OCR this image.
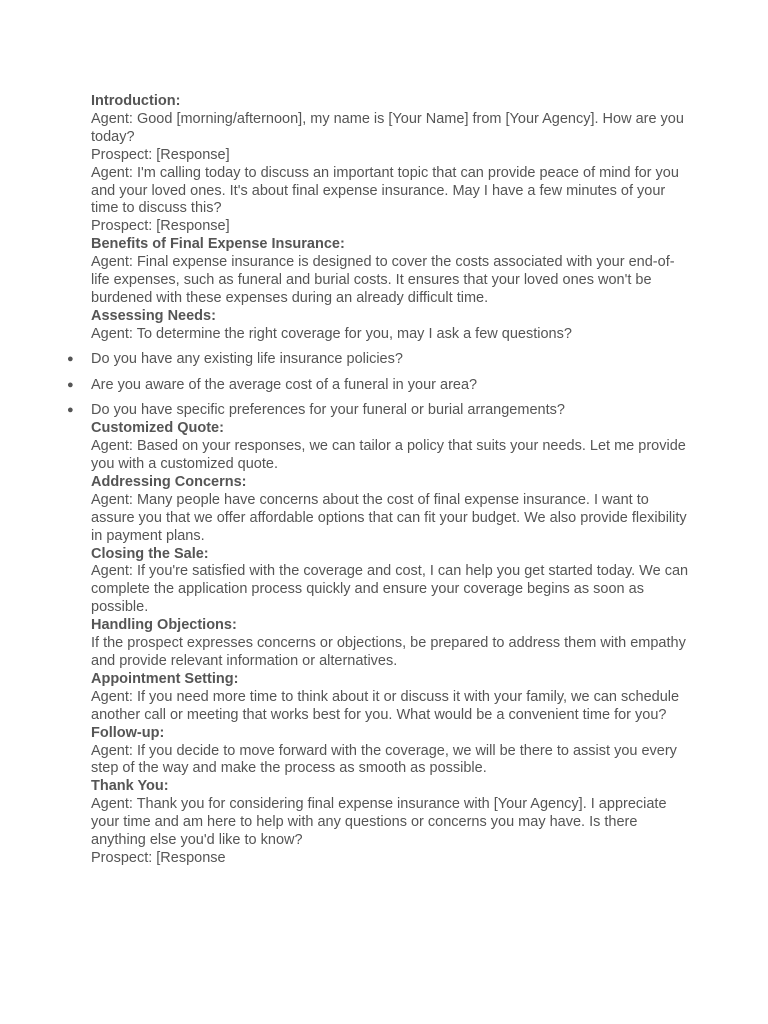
Introduction:

Agent: Good [morning/afternoon], my name is [Your Name] from [Your Agency]. How are you today?

Prospect: [Response]

Agent: I'm calling today to discuss an important topic that can provide peace of mind for you and your loved ones. It's about final expense insurance. May I have a few minutes of your time to discuss this?

Prospect: [Response]

Benefits of Final Expense Insurance:

Agent: Final expense insurance is designed to cover the costs associated with your end-of-life expenses, such as funeral and burial costs. It ensures that your loved ones won't be burdened with these expenses during an already difficult time.

Assessing Needs:

Agent: To determine the right coverage for you, may I ask a few questions?

● Do you have any existing life insurance policies?
● Are you aware of the average cost of a funeral in your area?
● Do you have specific preferences for your funeral or burial arrangements?

Customized Quote:

Agent: Based on your responses, we can tailor a policy that suits your needs. Let me provide you with a customized quote.

Addressing Concerns:

Agent: Many people have concerns about the cost of final expense insurance. I want to assure you that we offer affordable options that can fit your budget. We also provide flexibility in payment plans.

Closing the Sale:

Agent: If you're satisfied with the coverage and cost, I can help you get started today. We can complete the application process quickly and ensure your coverage begins as soon as possible.

Handling Objections:

If the prospect expresses concerns or objections, be prepared to address them with empathy and provide relevant information or alternatives.

Appointment Setting:

Agent: If you need more time to think about it or discuss it with your family, we can schedule another call or meeting that works best for you. What would be a convenient time for you?

Follow-up:

Agent: If you decide to move forward with the coverage, we will be there to assist you every step of the way and make the process as smooth as possible.

Thank You:

Agent: Thank you for considering final expense insurance with [Your Agency]. I appreciate your time and am here to help with any questions or concerns you may have. Is there anything else you'd like to know?

Prospect: [Response
